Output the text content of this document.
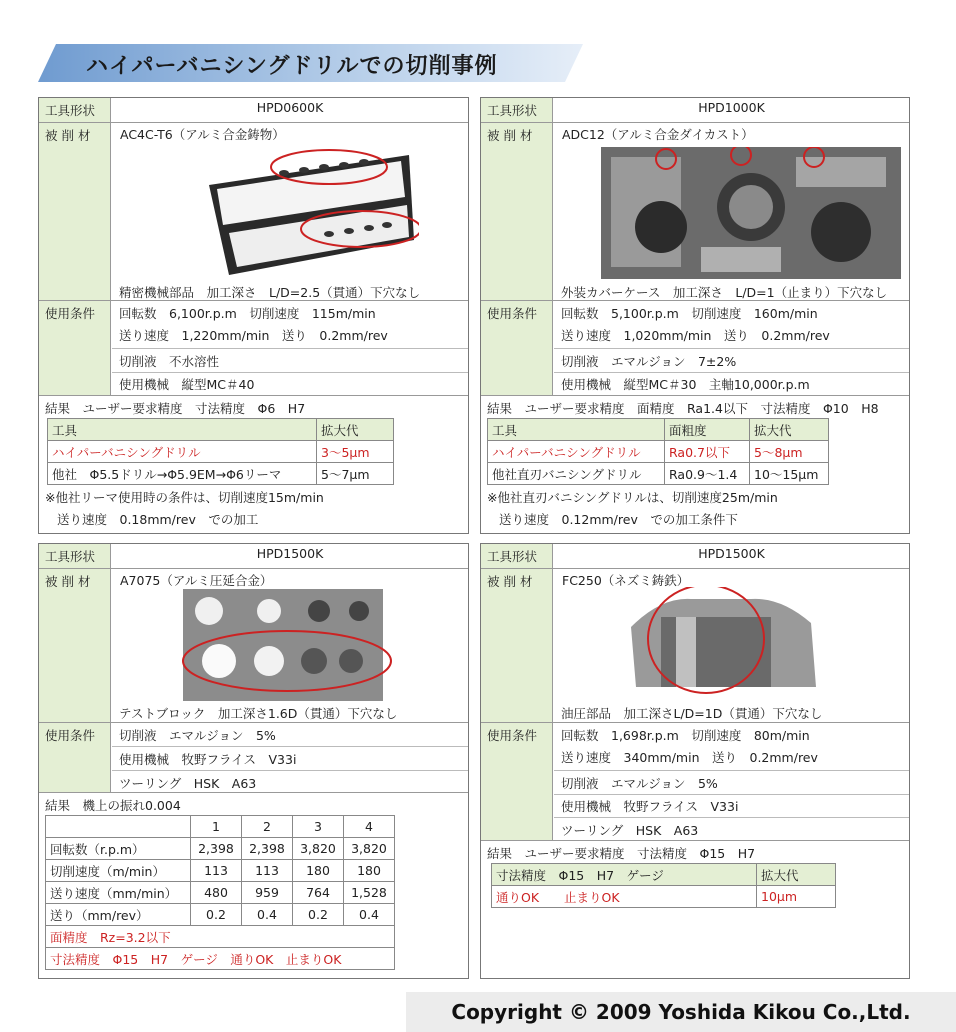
ハイパーバニシングドリルでの切削事例
工具形状	HPD0600K
被 削 材	AC4C-T6（アルミ合金鋳物）
精密機械部品　加工深さ　L/D=2.5（貫通）下穴なし
使用条件	回転数　6,100r.p.m　切削速度　115m/min
送り速度　1,220mm/min　送り　0.2mm/rev
切削液　不水溶性
使用機械　縦型MC＃40
結果　ユーザー要求精度　寸法精度　Φ6　H7
工具	拡大代
ハイパーバニシングドリル	3～5μm
他社　Φ5.5ドリル→Φ5.9EM→Φ6リーマ	5～7μm
※他社リーマ使用時の条件は、切削速度15m/min
送り速度　0.18mm/rev　での加工
工具形状	HPD1000K
被 削 材	ADC12（アルミ合金ダイカスト）
外装カバーケース　加工深さ　L/D=1（止まり）下穴なし
使用条件	回転数　5,100r.p.m　切削速度　160m/min
送り速度　1,020mm/min　送り　0.2mm/rev
切削液　エマルジョン　7±2%
使用機械　縦型MC＃30　主軸10,000r.p.m
結果　ユーザー要求精度　面精度　Ra1.4以下　寸法精度　Φ10　H8
工具	面粗度	拡大代
ハイパーバニシングドリル	Ra0.7以下	5～8μm
他社直刃バニシングドリル	Ra0.9～1.4	10～15μm
※他社直刃バニシングドリルは、切削速度25m/min
送り速度　0.12mm/rev　での加工条件下
工具形状	HPD1500K
被 削 材	A7075（アルミ圧延合金）
テストブロック　加工深さ1.6D（貫通）下穴なし
使用条件	切削液　エマルジョン　5%
使用機械　牧野フライス　V33i
ツーリング　HSK　A63
結果　機上の振れ0.004
	1	2	3	4
回転数（r.p.m）	2,398	2,398	3,820	3,820
切削速度（m/min）	113	113	180	180
送り速度（mm/min）	480	959	764	1,528
送り（mm/rev）	0.2	0.4	0.2	0.4
面精度　Rz=3.2以下				
寸法精度　Φ15　H7　ゲージ　通りOK　止まりOK				
工具形状	HPD1500K
被 削 材	FC250（ネズミ鋳鉄）
油圧部品　加工深さL/D=1D（貫通）下穴なし
使用条件	回転数　1,698r.p.m　切削速度　80m/min
送り速度　340mm/min　送り　0.2mm/rev
切削液　エマルジョン　5%
使用機械　牧野フライス　V33i
ツーリング　HSK　A63
結果　ユーザー要求精度　寸法精度　Φ15　H7
寸法精度　Φ15　H7　ゲージ	拡大代
通りOK　　止まりOK	10μm
Copyright © 2009 Yoshida Kikou Co.,Ltd.
